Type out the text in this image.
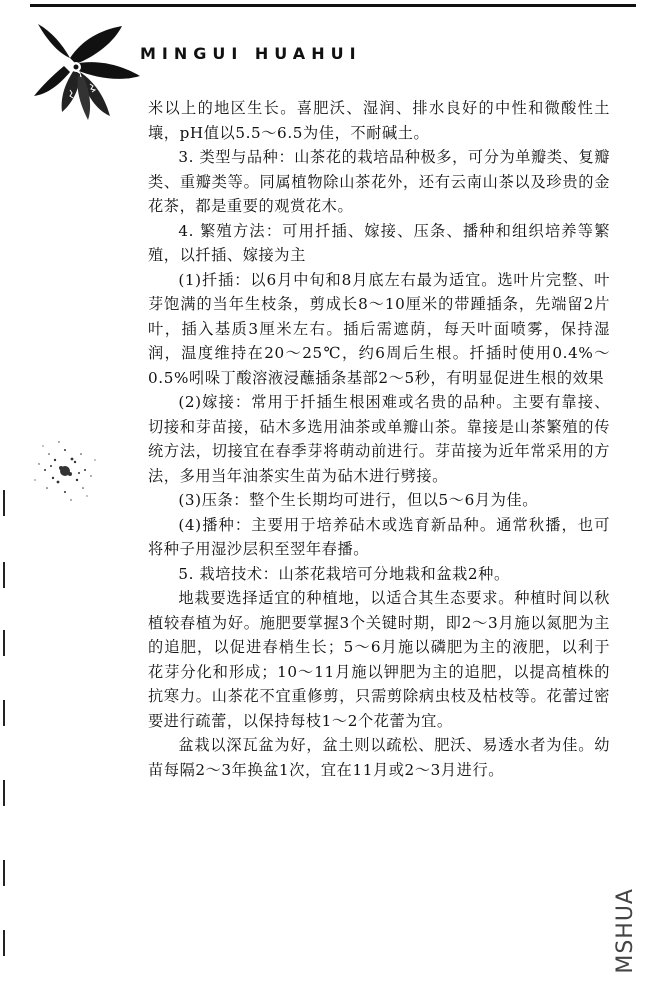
MINGUI HUAHUI

米以上的地区生长。喜肥沃、湿润、排水良好的中性和微酸性土壤，pH值以5.5～6.5为佳，不耐碱土。

3. 类型与品种：山茶花的栽培品种极多，可分为单瓣类、复瓣类、重瓣类等。同属植物除山茶花外，还有云南山茶以及珍贵的金花茶，都是重要的观赏花木。

4. 繁殖方法：可用扦插、嫁接、压条、播种和组织培养等繁殖，以扦插、嫁接为主

(1)扦插：以6月中旬和8月底左右最为适宜。选叶片完整、叶芽饱满的当年生枝条，剪成长8～10厘米的带踵插条，先端留2片叶，插入基质3厘米左右。插后需遮荫，每天叶面喷雾，保持湿润，温度维持在20～25℃，约6周后生根。扦插时使用0.4%～0.5%吲哚丁酸溶液浸蘸插条基部2～5秒，有明显促进生根的效果

(2)嫁接：常用于扦插生根困难或名贵的品种。主要有靠接、切接和芽苗接，砧木多选用油茶或单瓣山茶。靠接是山茶繁殖的传统方法，切接宜在春季芽将萌动前进行。芽苗接为近年常采用的方法，多用当年油茶实生苗为砧木进行劈接。

(3)压条：整个生长期均可进行，但以5～6月为佳。

(4)播种：主要用于培养砧木或选育新品种。通常秋播，也可将种子用湿沙层积至翌年春播。

5. 栽培技术：山茶花栽培可分地栽和盆栽2种。

地栽要选择适宜的种植地，以适合其生态要求。种植时间以秋植较春植为好。施肥要掌握3个关键时期，即2～3月施以氮肥为主的追肥，以促进春梢生长；5～6月施以磷肥为主的液肥，以利于花芽分化和形成；10～11月施以钾肥为主的追肥，以提高植株的抗寒力。山茶花不宜重修剪，只需剪除病虫枝及枯枝等。花蕾过密要进行疏蕾，以保持每枝1～2个花蕾为宜。

盆栽以深瓦盆为好，盆土则以疏松、肥沃、易透水者为佳。幼苗每隔2～3年换盆1次，宜在11月或2～3月进行。

MSHUA
